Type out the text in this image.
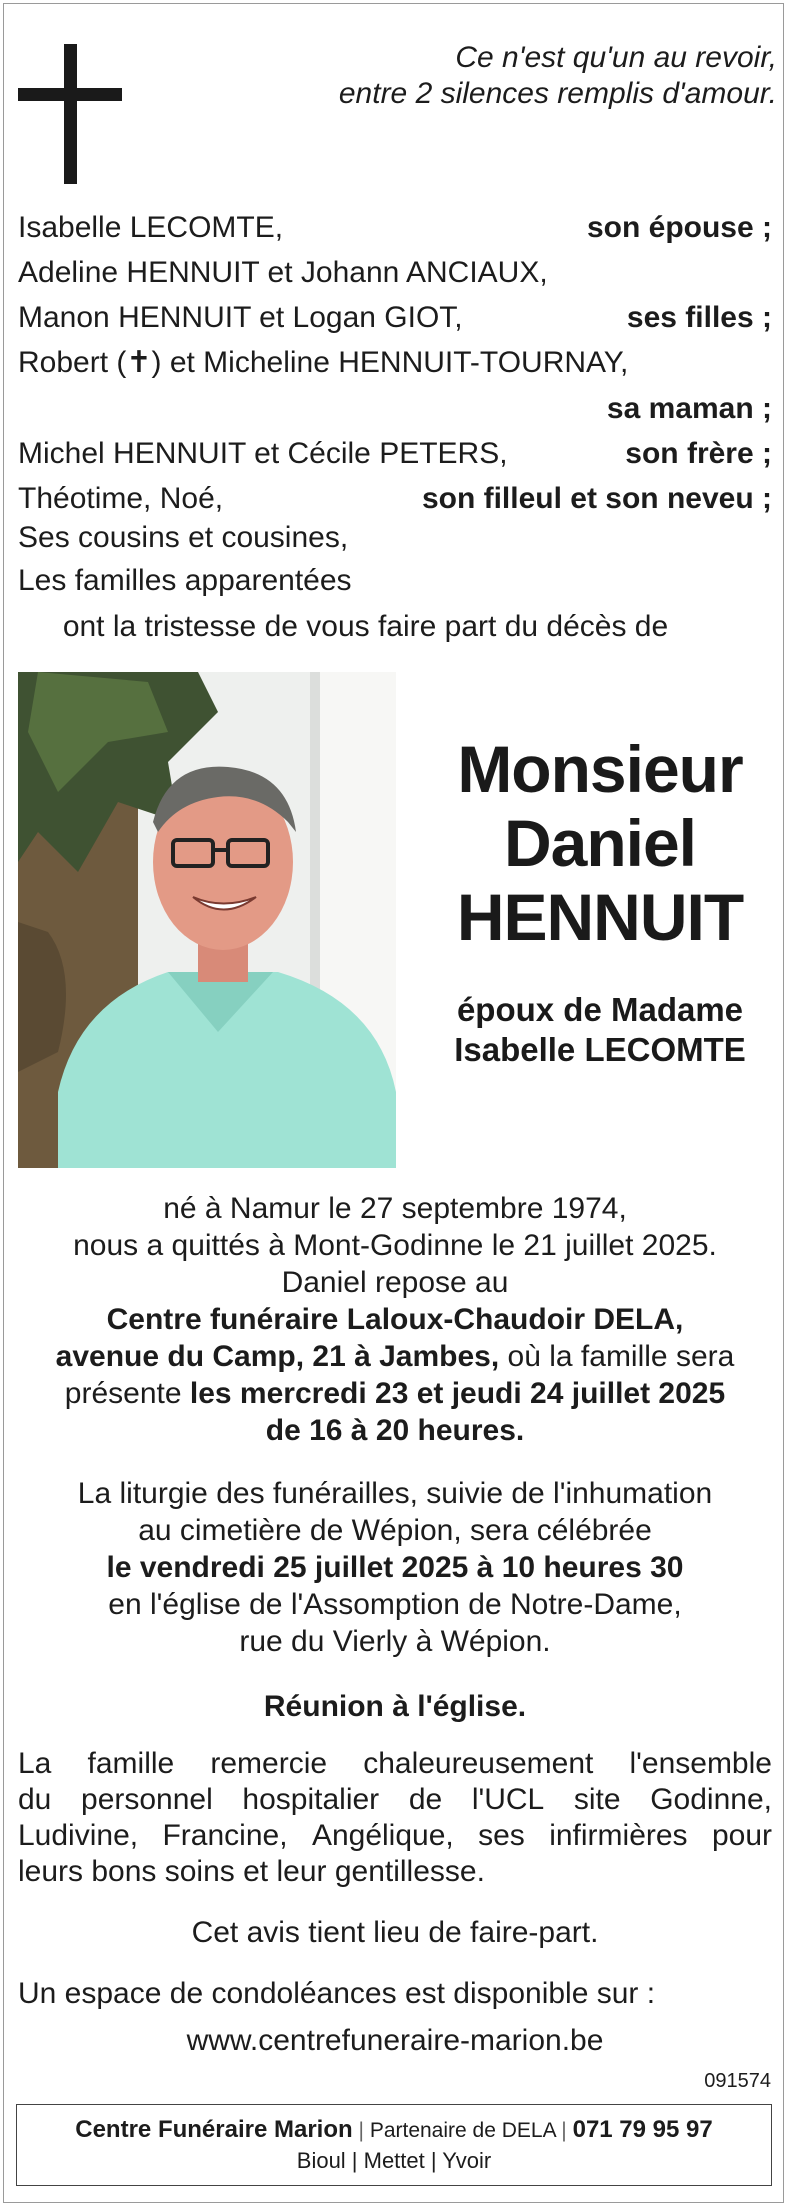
Ce n'est qu'un au revoir,
entre 2 silences remplis d'amour.
Isabelle LECOMTE,	son épouse ;
Adeline HENNUIT et Johann ANCIAUX,
Manon HENNUIT et Logan GIOT,	ses filles ;
Robert (✝) et Micheline HENNUIT-TOURNAY,
sa maman ;
Michel HENNUIT et Cécile PETERS,	son frère ;
Théotime, Noé,	son filleul et son neveu ;
Ses cousins et cousines,
Les familles apparentées
ont la tristesse de vous faire part du décès de
Monsieur
Daniel
HENNUIT
époux de Madame
Isabelle LECOMTE
né à Namur le 27 septembre 1974,
nous a quittés à Mont-Godinne le 21 juillet 2025.
Daniel repose au
Centre funéraire Laloux-Chaudoir DELA,
avenue du Camp, 21 à Jambes, où la famille sera
présente les mercredi 23 et jeudi 24 juillet 2025
de 16 à 20 heures.
La liturgie des funérailles, suivie de l'inhumation
au cimetière de Wépion, sera célébrée
le vendredi 25 juillet 2025 à 10 heures 30
en l'église de l'Assomption de Notre-Dame,
rue du Vierly à Wépion.
Réunion à l'église.
La famille remercie chaleureusement l'ensemble
du personnel hospitalier de l'UCL site Godinne,
Ludivine, Francine, Angélique, ses infirmières pour
leurs bons soins et leur gentillesse.
Cet avis tient lieu de faire-part.
Un espace de condoléances est disponible sur :
www.centrefuneraire-marion.be
091574
Centre Funéraire Marion | Partenaire de DELA | 071 79 95 97
Bioul | Mettet | Yvoir
